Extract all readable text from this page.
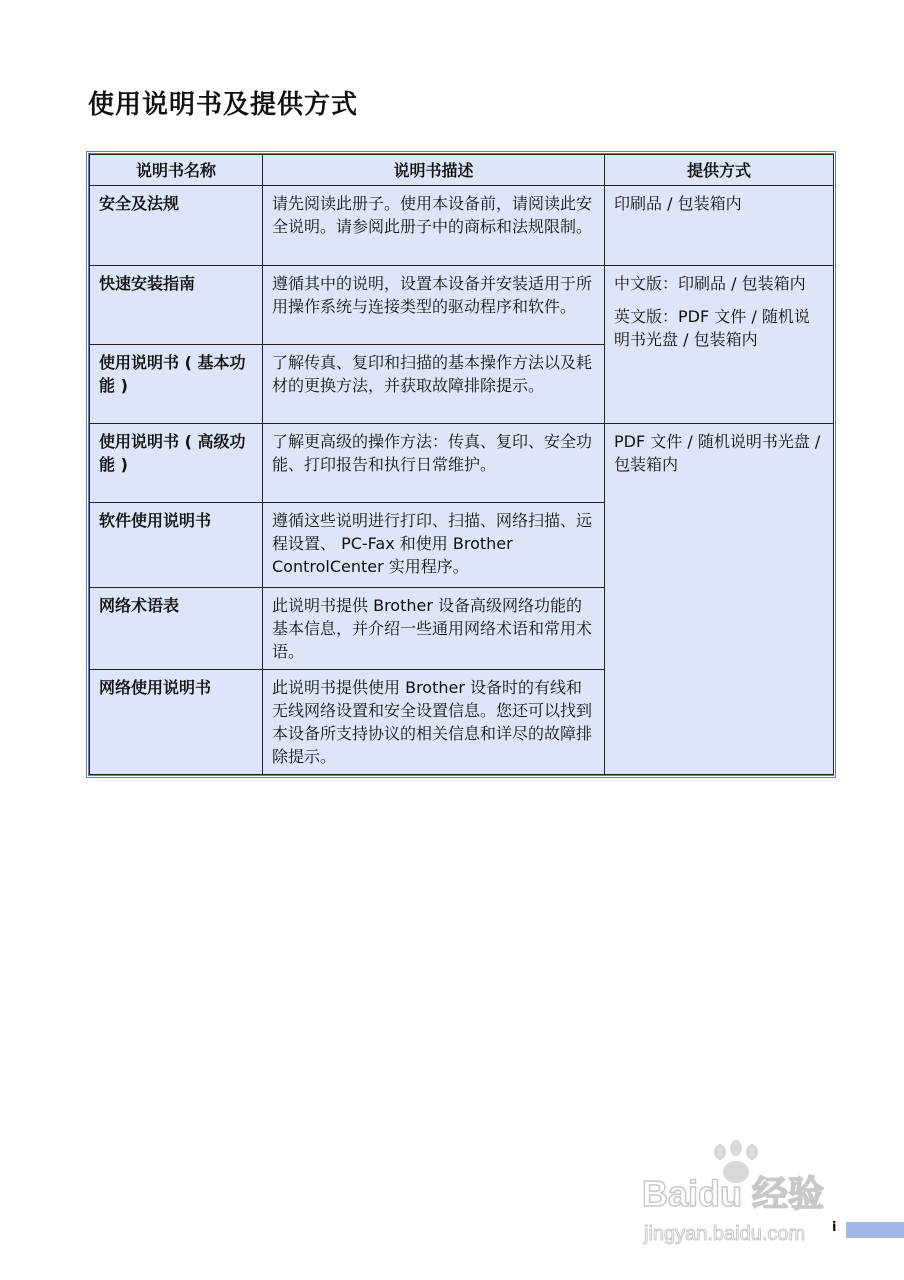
使用说明书及提供方式
说明书名称	说明书描述	提供方式
安全及法规	请先阅读此册子。使用本设备前，请阅读此安全说明。请参阅此册子中的商标和法规限制。	印刷品 / 包装箱内

快速安装指南	遵循其中的说明，设置本设备并安装适用于所用操作系统与连接类型的驱动程序和软件。	中文版：印刷品 / 包装箱内

英文版：PDF 文件 / 随机说明书光盘 / 包装箱内

使用说明书 ( 基本功能 )	了解传真、复印和扫描的基本操作方法以及耗材的更换方法，并获取故障排除提示。	
使用说明书 ( 高级功能 )	了解更高级的操作方法：传真、复印、安全功能、打印报告和执行日常维护。	PDF 文件 / 随机说明书光盘 / 包装箱内

软件使用说明书	遵循这些说明进行打印、扫描、网络扫描、远程设置、 PC-Fax 和使用 Brother ControlCenter 实用程序。	
网络术语表	此说明书提供 Brother 设备高级网络功能的基本信息，并介绍一些通用网络术语和常用术语。	
网络使用说明书	此说明书提供使用 Brother 设备时的有线和无线网络设置和安全设置信息。您还可以找到本设备所支持协议的相关信息和详尽的故障排除提示。	
Baidu 经验
jingyan.baidu.com i
